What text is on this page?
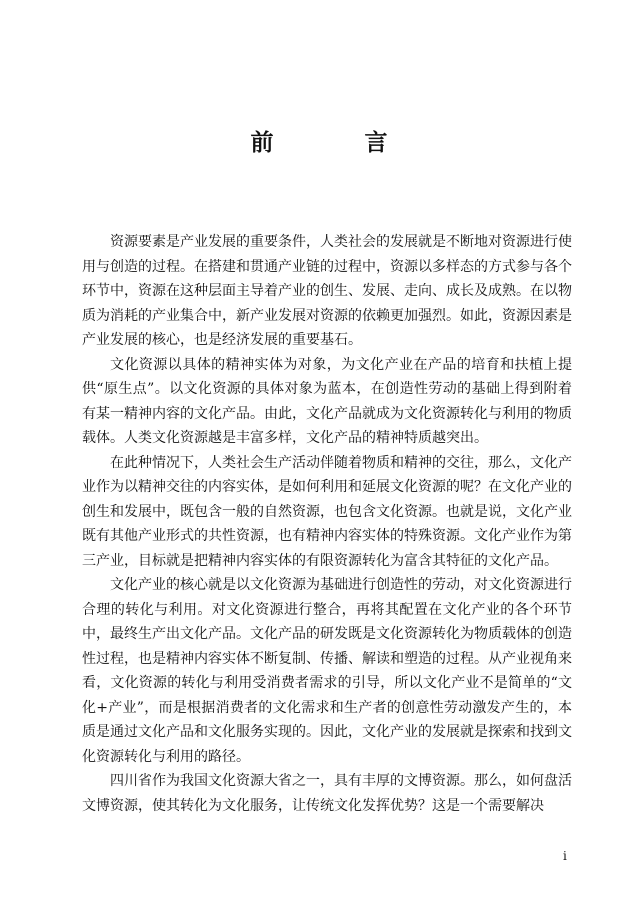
前　言

资源要素是产业发展的重要条件，人类社会的发展就是不断地对资源进行使用与创造的过程。在搭建和贯通产业链的过程中，资源以多样态的方式参与各个环节中，资源在这种层面主导着产业的创生、发展、走向、成长及成熟。在以物质为消耗的产业集合中，新产业发展对资源的依赖更加强烈。如此，资源因素是产业发展的核心，也是经济发展的重要基石。

文化资源以具体的精神实体为对象，为文化产业在产品的培育和扶植上提供“原生点”。以文化资源的具体对象为蓝本，在创造性劳动的基础上得到附着有某一精神内容的文化产品。由此，文化产品就成为文化资源转化与利用的物质载体。人类文化资源越是丰富多样，文化产品的精神特质越突出。

在此种情况下，人类社会生产活动伴随着物质和精神的交往，那么，文化产业作为以精神交往的内容实体，是如何利用和延展文化资源的呢？在文化产业的创生和发展中，既包含一般的自然资源，也包含文化资源。也就是说，文化产业既有其他产业形式的共性资源，也有精神内容实体的特殊资源。文化产业作为第三产业，目标就是把精神内容实体的有限资源转化为富含其特征的文化产品。

文化产业的核心就是以文化资源为基础进行创造性的劳动，对文化资源进行合理的转化与利用。对文化资源进行整合，再将其配置在文化产业的各个环节中，最终生产出文化产品。文化产品的研发既是文化资源转化为物质载体的创造性过程，也是精神内容实体不断复制、传播、解读和塑造的过程。从产业视角来看，文化资源的转化与利用受消费者需求的引导，所以文化产业不是简单的“文化+产业”，而是根据消费者的文化需求和生产者的创意性劳动激发产生的，本质是通过文化产品和文化服务实现的。因此，文化产业的发展就是探索和找到文化资源转化与利用的路径。

四川省作为我国文化资源大省之一，具有丰厚的文博资源。那么，如何盘活文博资源，使其转化为文化服务，让传统文化发挥优势？这是一个需要解决

i
